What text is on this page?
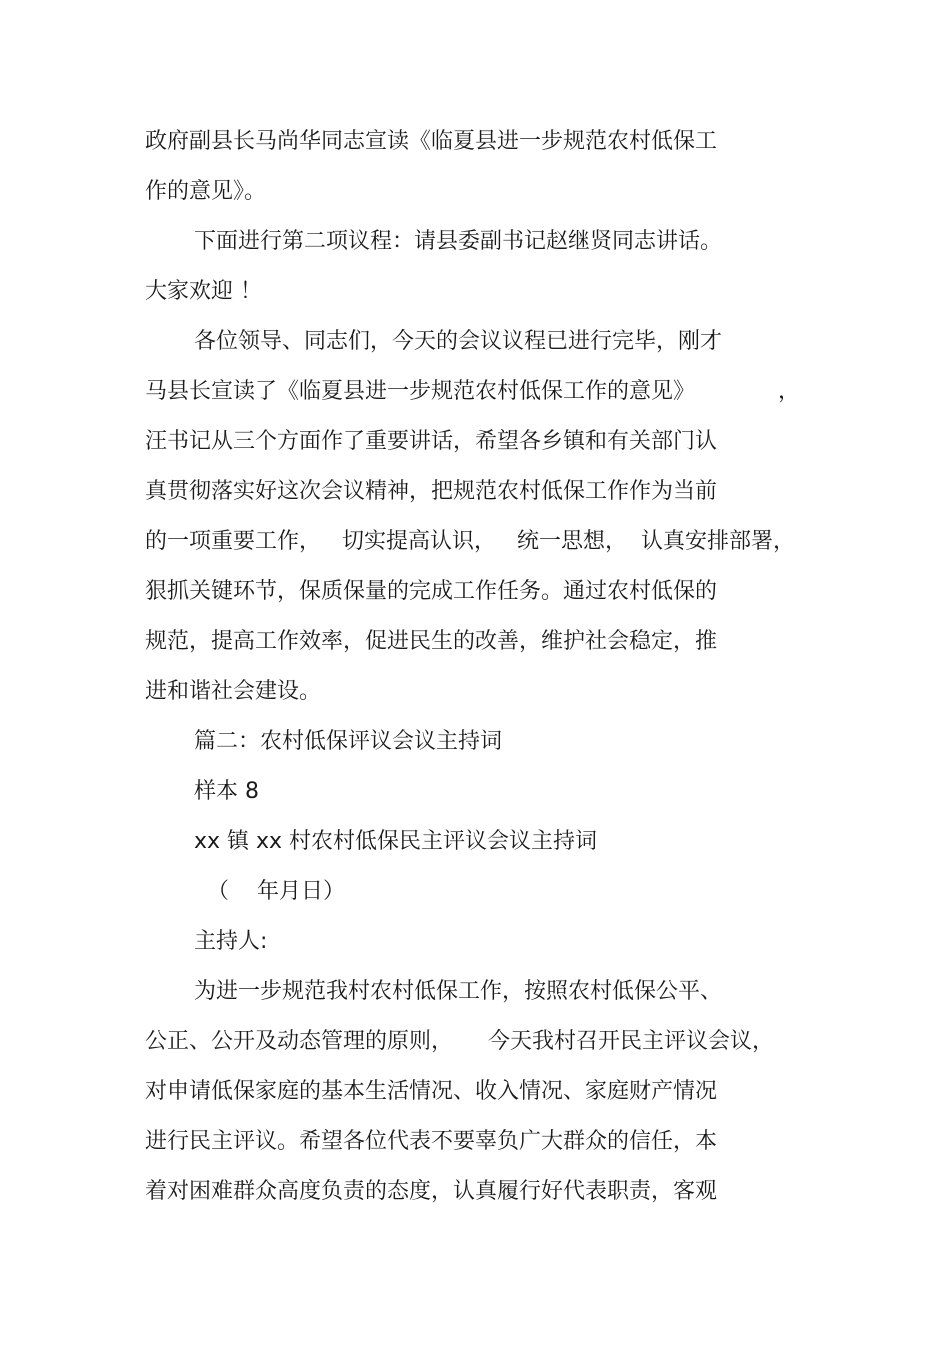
政府副县长马尚华同志宣读《临夏县进一步规范农村低保工
作的意见》。
下面进行第二项议程：请县委副书记赵继贤同志讲话。
大家欢迎 ！
各位领导、同志们，今天的会议议程已进行完毕，刚才
马县长宣读了《临夏县进一步规范农村低保工作的意见》	，
汪书记从三个方面作了重要讲话，希望各乡镇和有关部门认
真贯彻落实好这次会议精神，把规范农村低保工作作为当前
的一项重要工作，   切实提高认识，   统一思想，  认真安排部署，
狠抓关键环节，保质保量的完成工作任务。通过农村低保的
规范，提高工作效率，促进民生的改善，维护社会稳定，推
进和谐社会建设。
篇二：农村低保评议会议主持词
样本 8
xx 镇 xx 村农村低保民主评议会议主持词
（    年月日）
主持人:
为进一步规范我村农村低保工作，按照农村低保公平、
公正、公开及动态管理的原则，     今天我村召开民主评议会议，
对申请低保家庭的基本生活情况、收入情况、家庭财产情况
进行民主评议。希望各位代表不要辜负广大群众的信任，本
着对困难群众高度负责的态度，认真履行好代表职责，客观
